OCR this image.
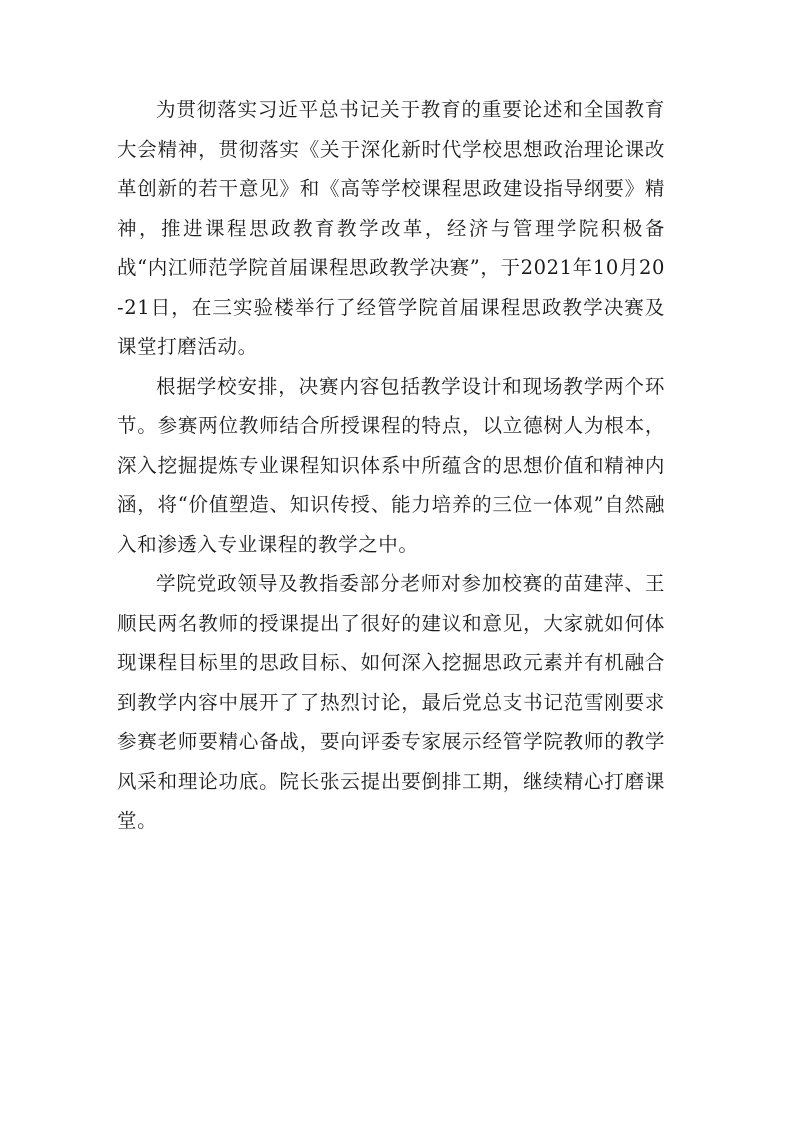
为贯彻落实习近平总书记关于教育的重要论述和全国教育大会精神，贯彻落实《关于深化新时代学校思想政治理论课改革创新的若干意见》和《高等学校课程思政建设指导纲要》精神，推进课程思政教育教学改革，经济与管理学院积极备战“内江师范学院首届课程思政教学决赛”，于2021年10月20-21日，在三实验楼举行了经管学院首届课程思政教学决赛及课堂打磨活动。

根据学校安排，决赛内容包括教学设计和现场教学两个环节。参赛两位教师结合所授课程的特点，以立德树人为根本，深入挖掘提炼专业课程知识体系中所蕴含的思想价值和精神内涵，将“价值塑造、知识传授、能力培养的三位一体观”自然融入和渗透入专业课程的教学之中。

学院党政领导及教指委部分老师对参加校赛的苗建萍、王顺民两名教师的授课提出了很好的建议和意见，大家就如何体现课程目标里的思政目标、如何深入挖掘思政元素并有机融合到教学内容中展开了了热烈讨论，最后党总支书记范雪刚要求参赛老师要精心备战，要向评委专家展示经管学院教师的教学风采和理论功底。院长张云提出要倒排工期，继续精心打磨课堂。
